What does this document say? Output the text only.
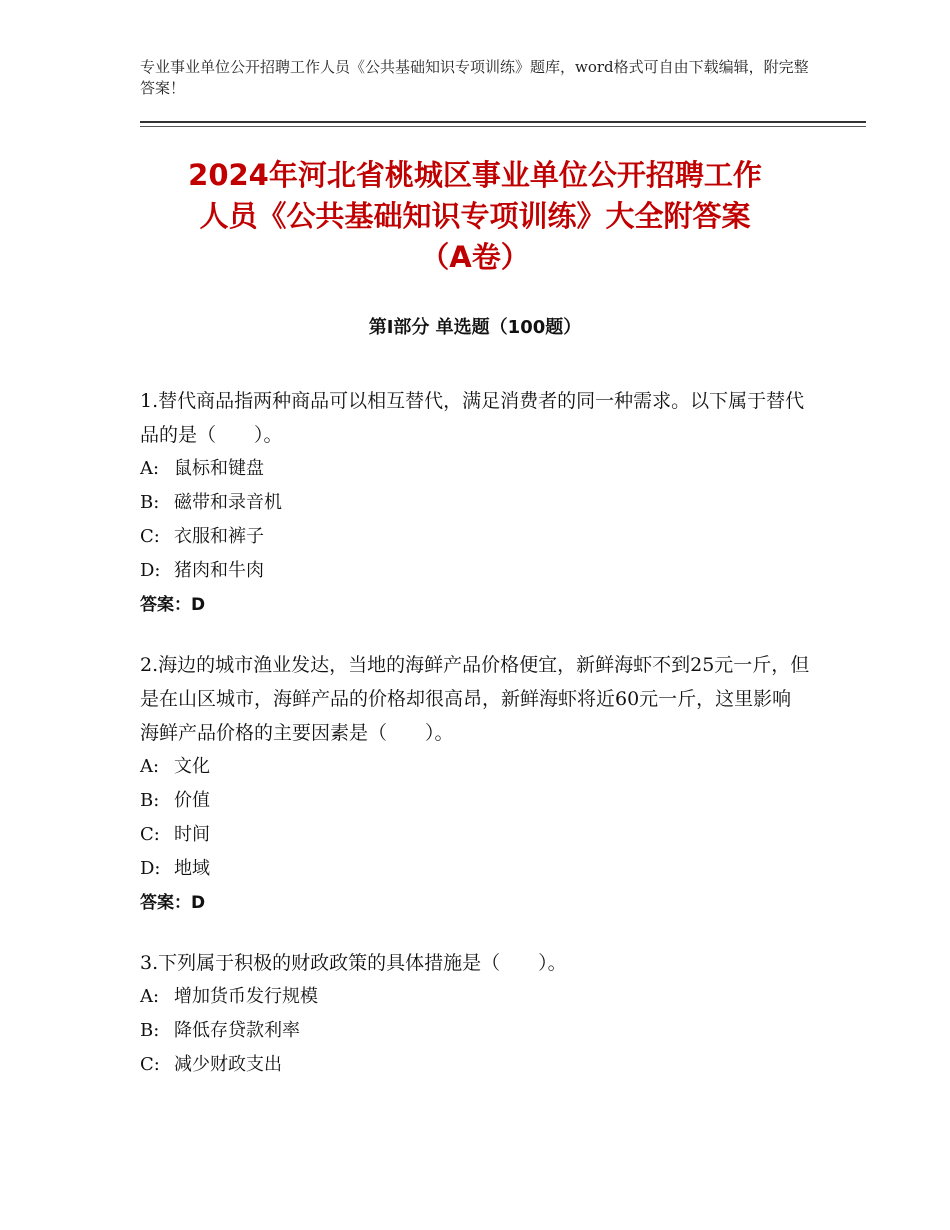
专业事业单位公开招聘工作人员《公共基础知识专项训练》题库，word格式可自由下载编辑，附完整答案！
2024年河北省桃城区事业单位公开招聘工作
人员《公共基础知识专项训练》大全附答案
（A卷）
第Ⅰ部分 单选题（100题）
1.替代商品指两种商品可以相互替代，满足消费者的同一种需求。以下属于替代品的是（　　）。
A: 鼠标和键盘
B: 磁带和录音机
C: 衣服和裤子
D: 猪肉和牛肉
答案：D
2.海边的城市渔业发达，当地的海鲜产品价格便宜，新鲜海虾不到25元一斤，但是在山区城市，海鲜产品的价格却很高昂，新鲜海虾将近60元一斤，这里影响海鲜产品价格的主要因素是（　　）。
A: 文化
B: 价值
C: 时间
D: 地域
答案：D
3.下列属于积极的财政政策的具体措施是（　　）。
A: 增加货币发行规模
B: 降低存贷款利率
C: 减少财政支出
